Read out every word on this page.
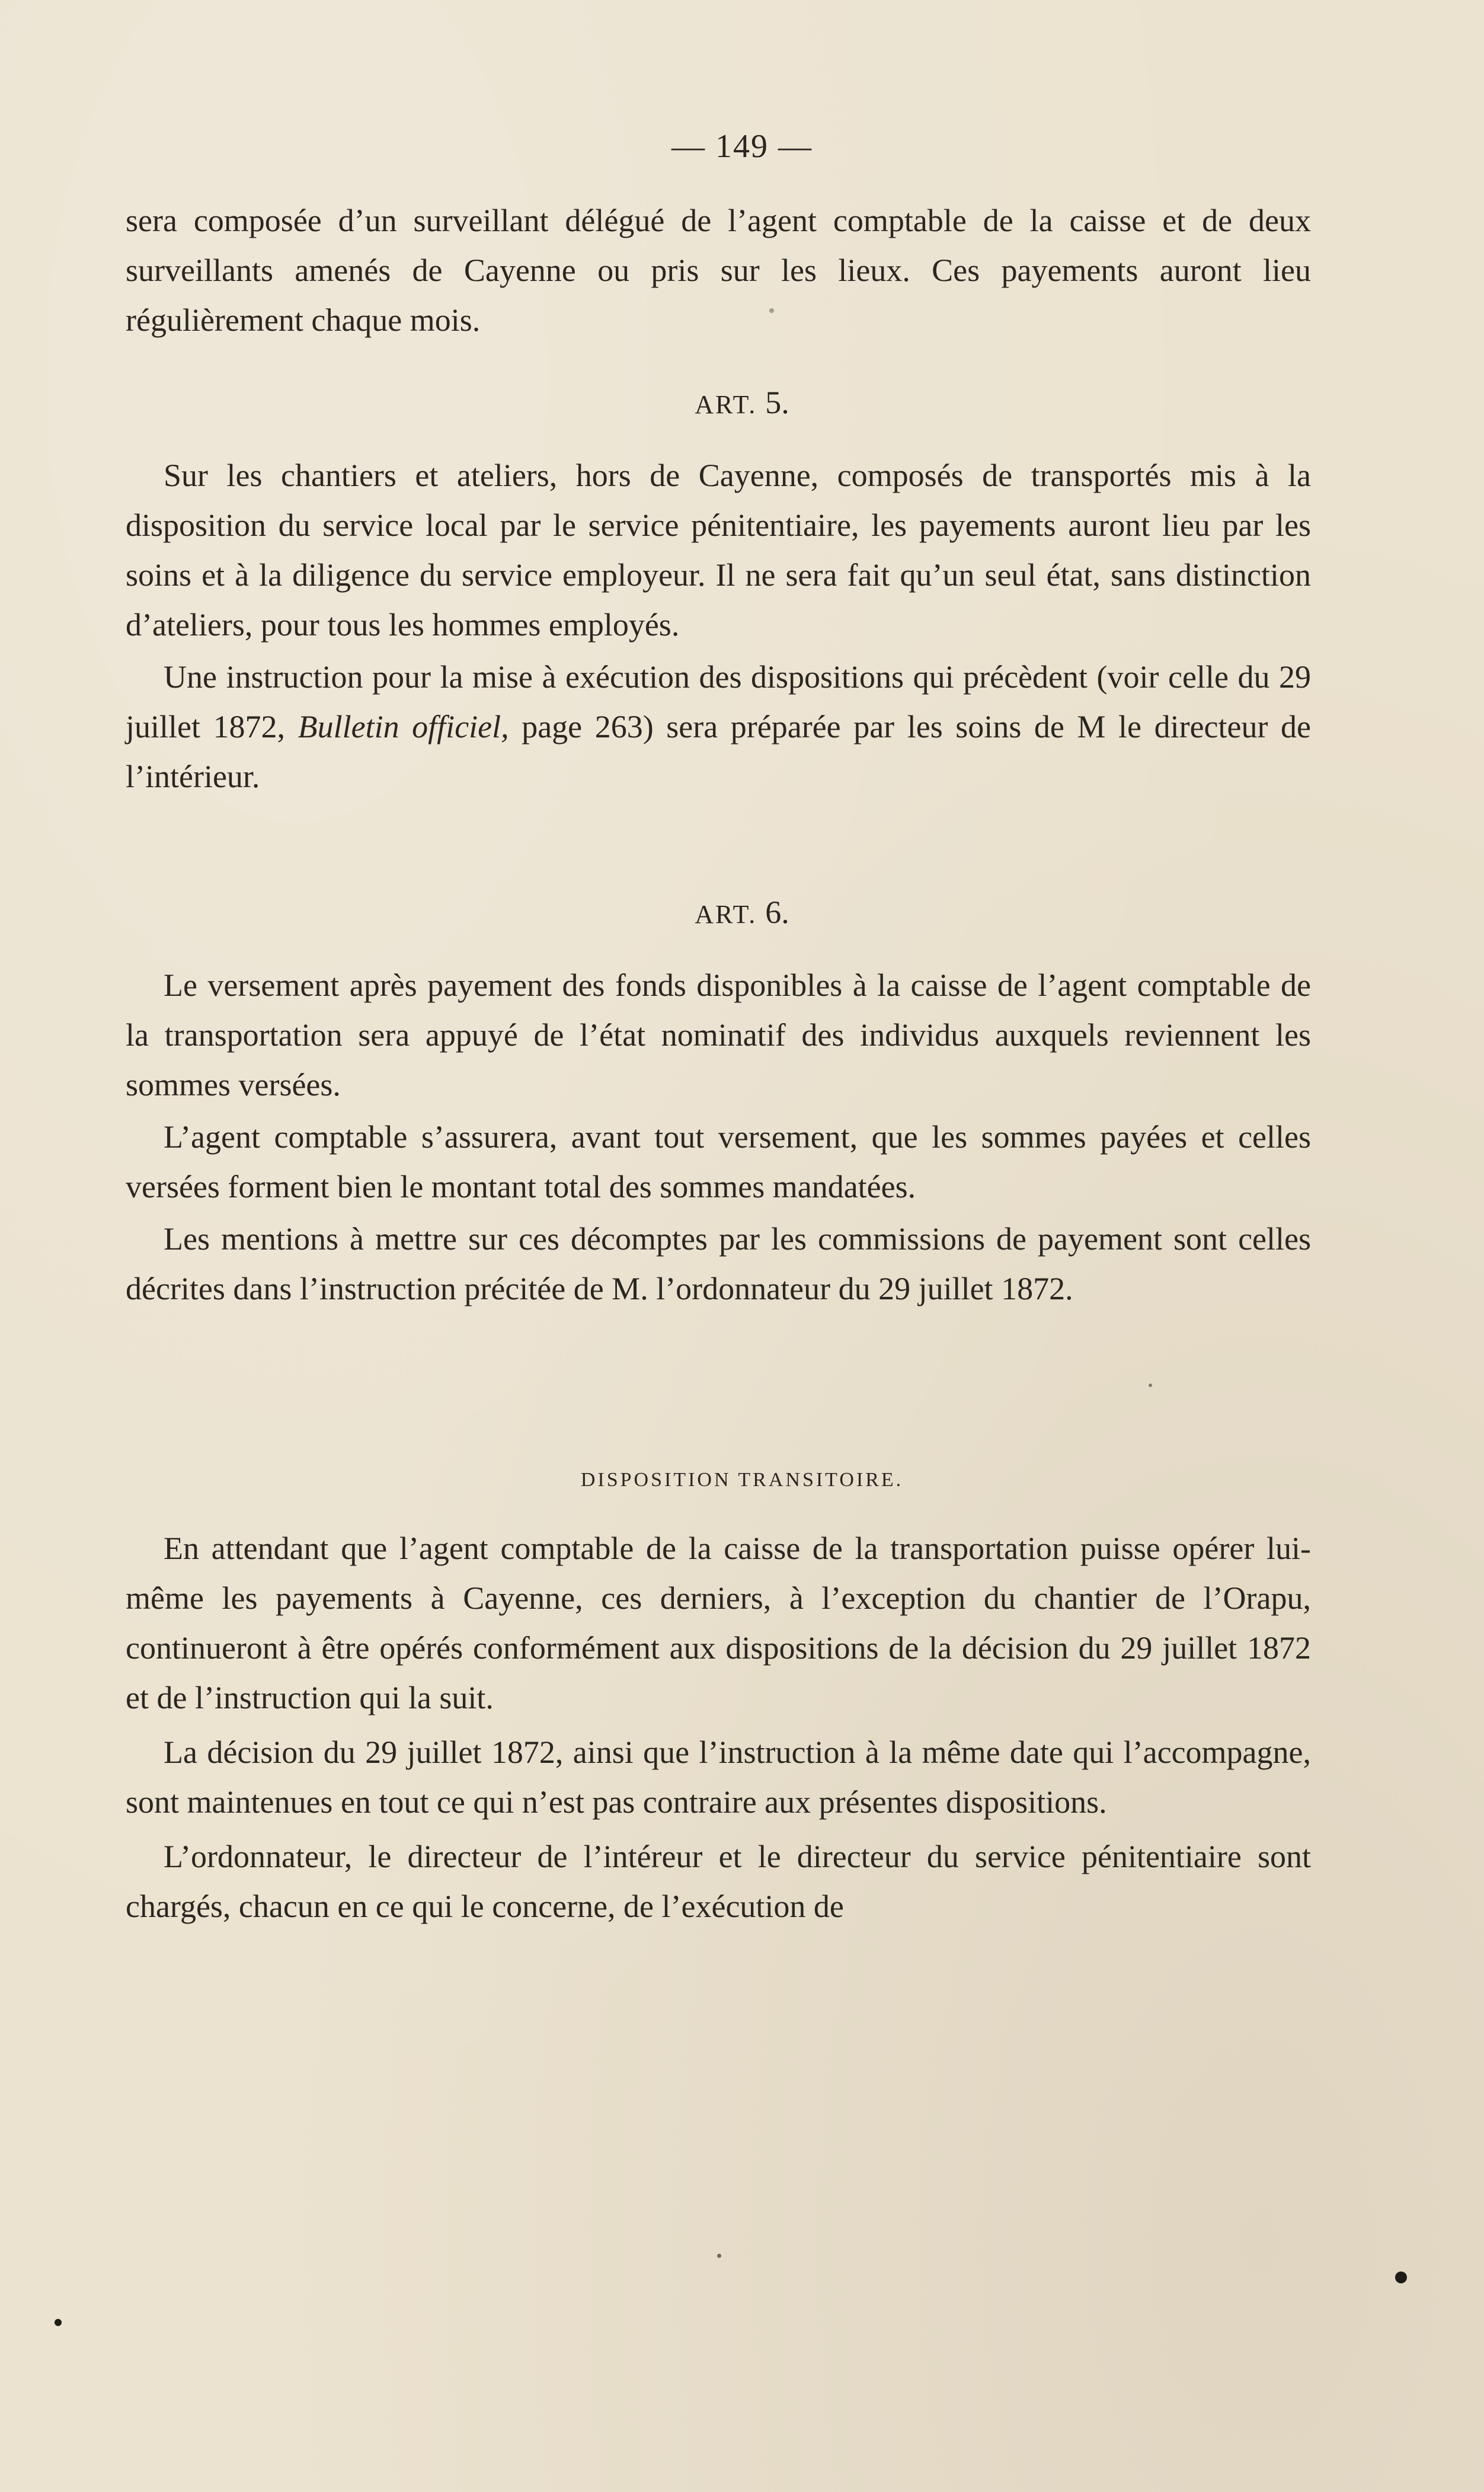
— 149 —

sera composée d’un surveillant délégué de l’agent comptable de la caisse et de deux surveillants amenés de Cayenne ou pris sur les lieux. Ces payements auront lieu régulièrement chaque mois.

ART. 5.

Sur les chantiers et ateliers, hors de Cayenne, composés de transportés mis à la disposition du service local par le service pénitentiaire, les payements auront lieu par les soins et à la diligence du service employeur. Il ne sera fait qu’un seul état, sans distinction d’ateliers, pour tous les hommes employés.

Une instruction pour la mise à exécution des dispositions qui précèdent (voir celle du 29 juillet 1872, Bulletin officiel, page 263) sera préparée par les soins de M le directeur de l’intérieur.

ART. 6.

Le versement après payement des fonds disponibles à la caisse de l’agent comptable de la transportation sera appuyé de l’état nominatif des individus auxquels reviennent les sommes versées.

L’agent comptable s’assurera, avant tout versement, que les sommes payées et celles versées forment bien le montant total des sommes mandatées.

Les mentions à mettre sur ces décomptes par les commissions de payement sont celles décrites dans l’instruction précitée de M. l’ordonnateur du 29 juillet 1872.

DISPOSITION TRANSITOIRE.

En attendant que l’agent comptable de la caisse de la transportation puisse opérer lui-même les payements à Cayenne, ces derniers, à l’exception du chantier de l’Orapu, continueront à être opérés conformément aux dispositions de la décision du 29 juillet 1872 et de l’instruction qui la suit.

La décision du 29 juillet 1872, ainsi que l’instruction à la même date qui l’accompagne, sont maintenues en tout ce qui n’est pas contraire aux présentes dispositions.

L’ordonnateur, le directeur de l’intéreur et le directeur du service pénitentiaire sont chargés, chacun en ce qui le concerne, de l’exécution de
